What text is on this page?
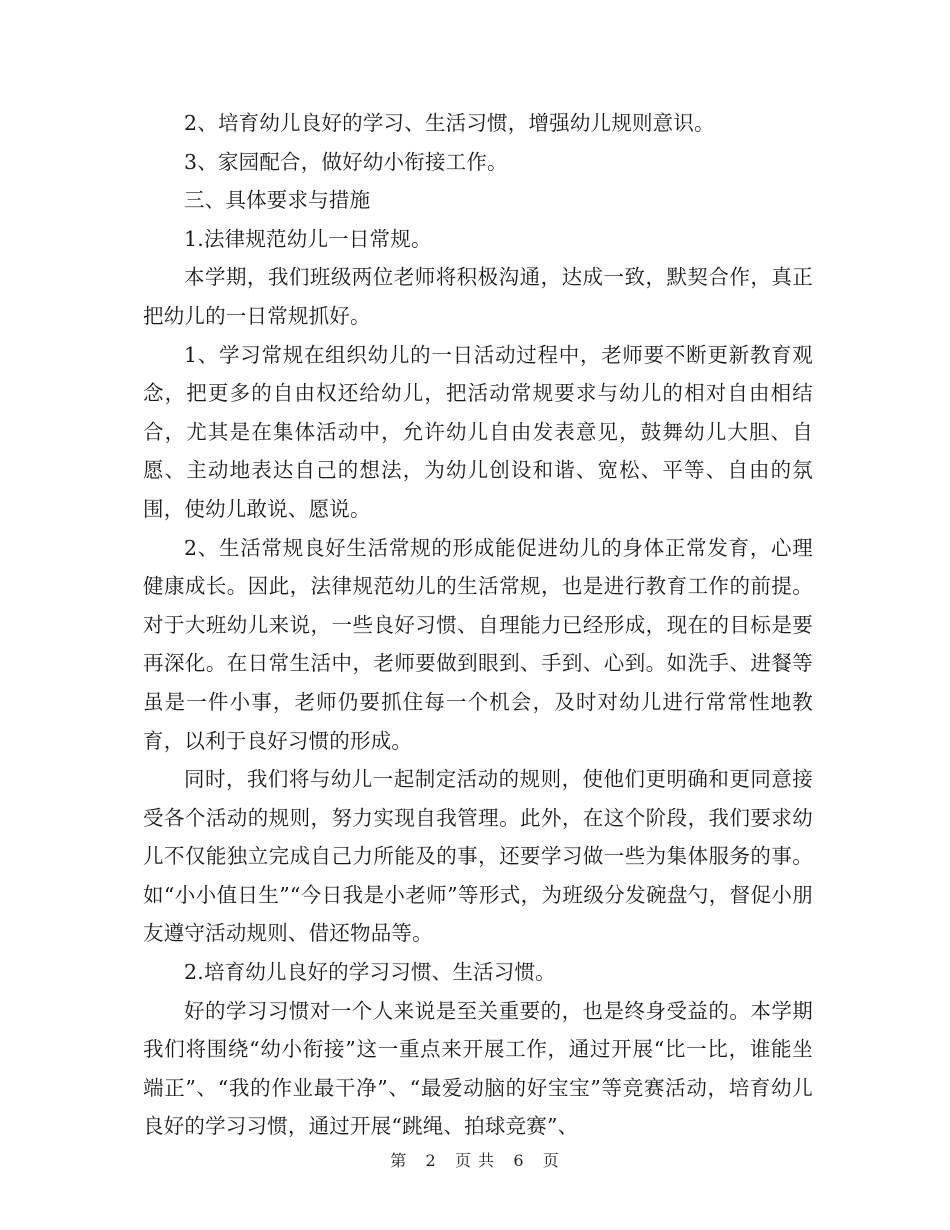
2、培育幼儿良好的学习、生活习惯，增强幼儿规则意识。

3、家园配合，做好幼小衔接工作。

三、具体要求与措施

1.法律规范幼儿一日常规。

本学期，我们班级两位老师将积极沟通，达成一致，默契合作，真正把幼儿的一日常规抓好。

1、学习常规在组织幼儿的一日活动过程中，老师要不断更新教育观念，把更多的自由权还给幼儿，把活动常规要求与幼儿的相对自由相结合，尤其是在集体活动中，允许幼儿自由发表意见，鼓舞幼儿大胆、自愿、主动地表达自己的想法，为幼儿创设和谐、宽松、平等、自由的氛围，使幼儿敢说、愿说。

2、生活常规良好生活常规的形成能促进幼儿的身体正常发育，心理健康成长。因此，法律规范幼儿的生活常规，也是进行教育工作的前提。对于大班幼儿来说，一些良好习惯、自理能力已经形成，现在的目标是要再深化。在日常生活中，老师要做到眼到、手到、心到。如洗手、进餐等虽是一件小事，老师仍要抓住每一个机会，及时对幼儿进行常常性地教育，以利于良好习惯的形成。

同时，我们将与幼儿一起制定活动的规则，使他们更明确和更同意接受各个活动的规则，努力实现自我管理。此外，在这个阶段，我们要求幼儿不仅能独立完成自己力所能及的事，还要学习做一些为集体服务的事。如“小小值日生”“今日我是小老师”等形式，为班级分发碗盘勺，督促小朋友遵守活动规则、借还物品等。

2.培育幼儿良好的学习习惯、生活习惯。

好的学习习惯对一个人来说是至关重要的，也是终身受益的。本学期我们将围绕“幼小衔接”这一重点来开展工作，通过开展“比一比，谁能坐端正”、“我的作业最干净”、“最爱动脑的好宝宝”等竞赛活动，培育幼儿良好的学习习惯，通过开展“跳绳、拍球竞赛”、

第 2 页 共 6 页
